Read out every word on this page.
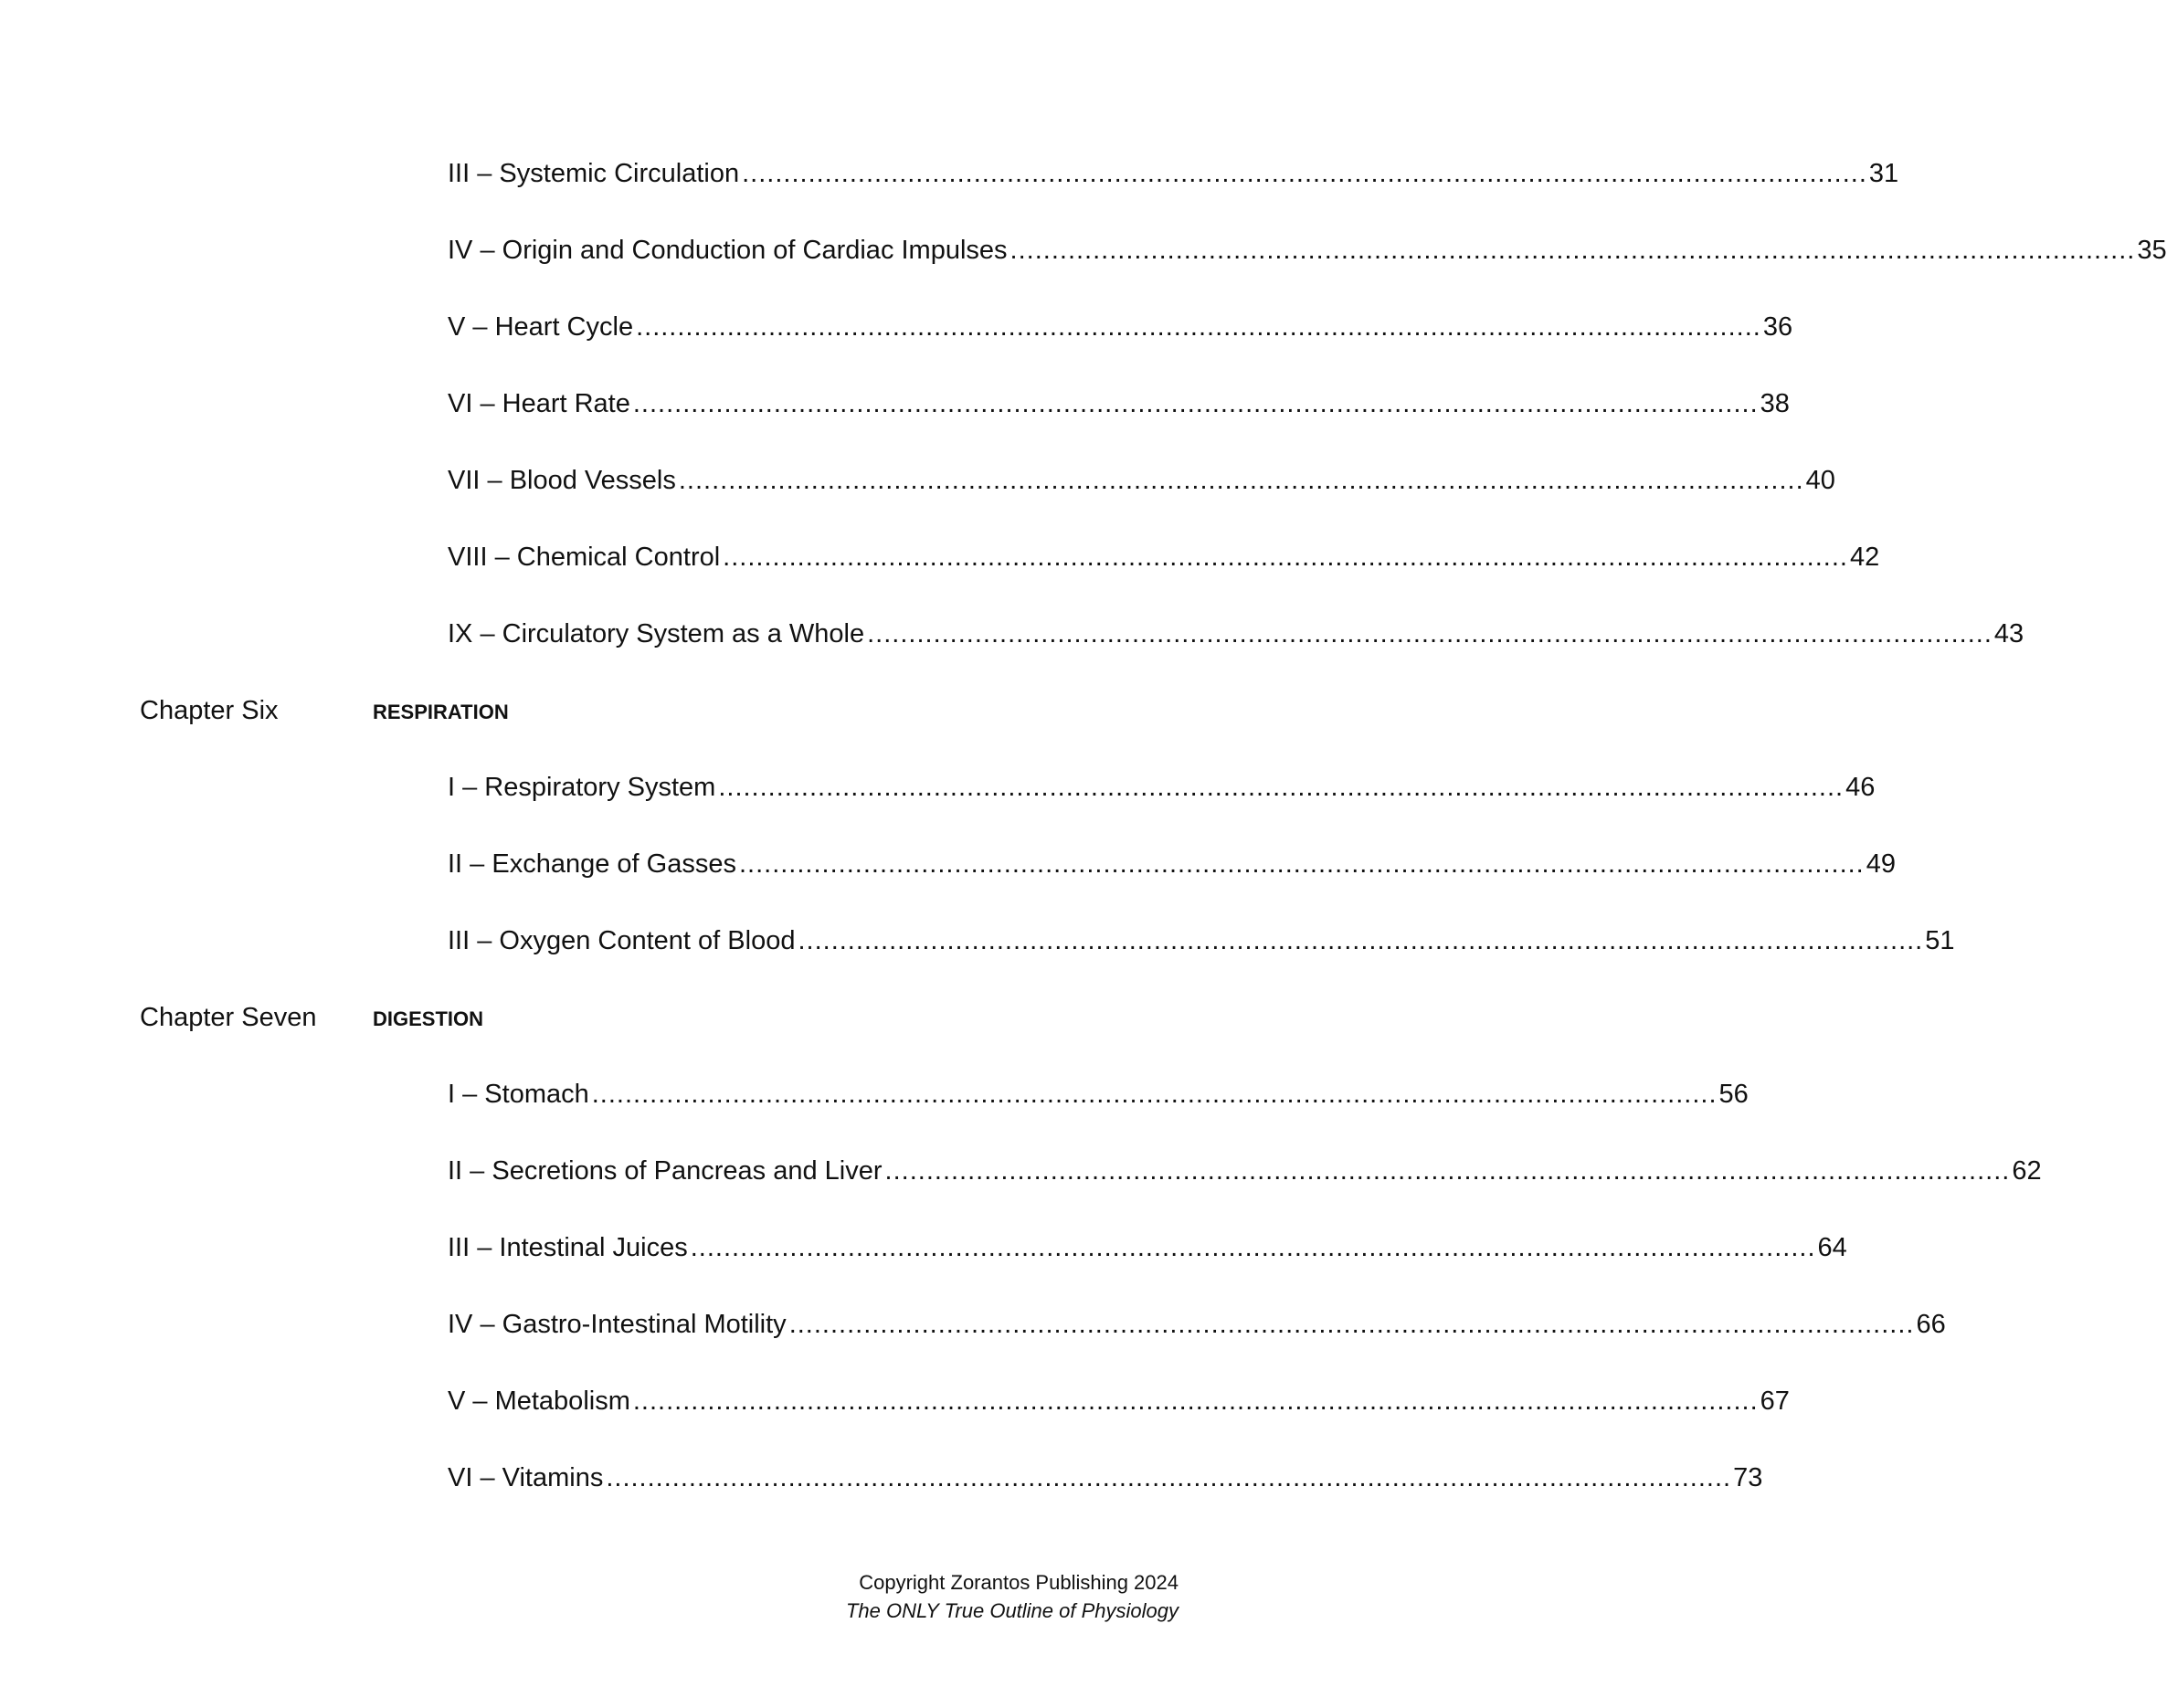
III – Systemic Circulation ........................................................................................................................................ 31
IV – Origin and Conduction of Cardiac Impulses ........................................................................................................................................ 35
V – Heart Cycle ........................................................................................................................................ 36
VI – Heart Rate ........................................................................................................................................ 38
VII – Blood Vessels ........................................................................................................................................ 40
VIII – Chemical Control ........................................................................................................................................ 42
IX – Circulatory System as a Whole ........................................................................................................................................ 43
Chapter Six	RESPIRATION
I – Respiratory System ........................................................................................................................................ 46
II – Exchange of Gasses ........................................................................................................................................ 49
III – Oxygen Content of Blood ........................................................................................................................................ 51
Chapter Seven	DIGESTION
I – Stomach ........................................................................................................................................ 56
II – Secretions of Pancreas and Liver ........................................................................................................................................ 62
III – Intestinal Juices ........................................................................................................................................ 64
IV – Gastro-Intestinal Motility ........................................................................................................................................ 66
V – Metabolism ........................................................................................................................................ 67
VI – Vitamins ........................................................................................................................................ 73
Copyright Zorantos Publishing 2024
The ONLY True Outline of Physiology
